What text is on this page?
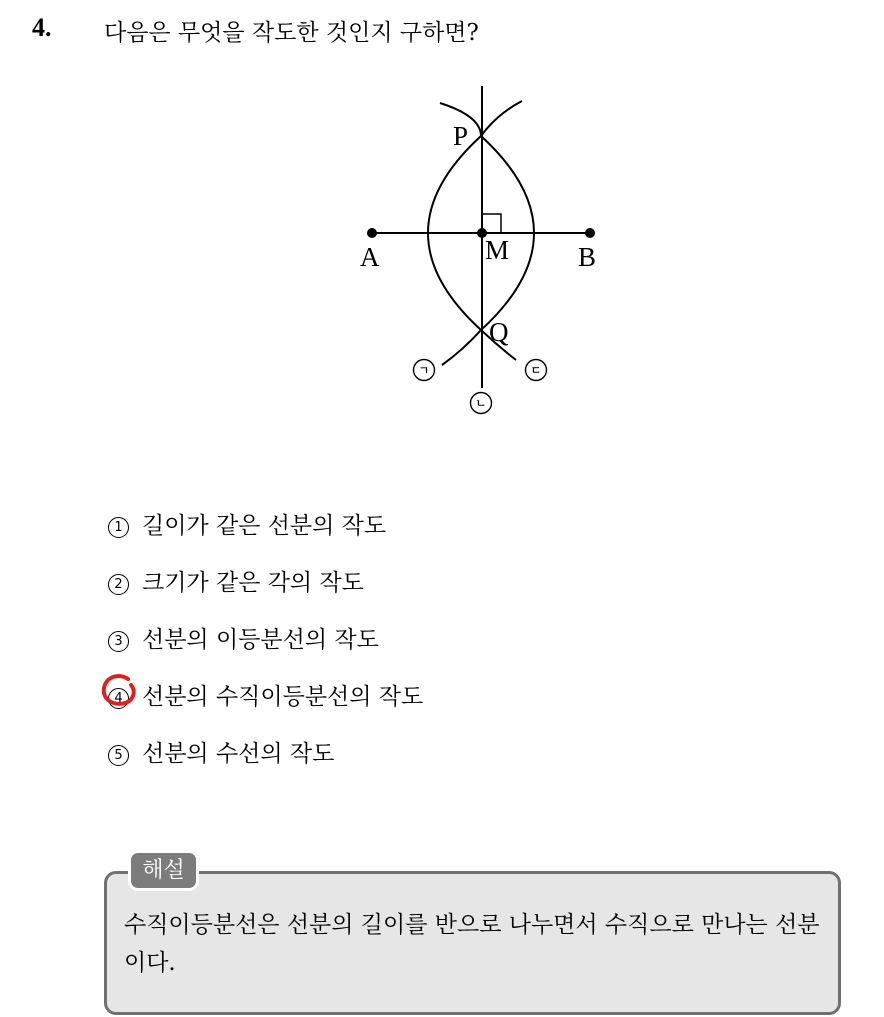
4. 다음은 무엇을 작도한 것인지 구하면?
A	B
M
P
Q
ㄱ
ㄴ
ㄷ
1 길이가 같은 선분의 작도
2 크기가 같은 각의 작도
3 선분의 이등분선의 작도
4 선분의 수직이등분선의 작도
5 선분의 수선의 작도
해설
수직이등분선은 선분의 길이를 반으로 나누면서 수직으로 만나는 선분이다.
